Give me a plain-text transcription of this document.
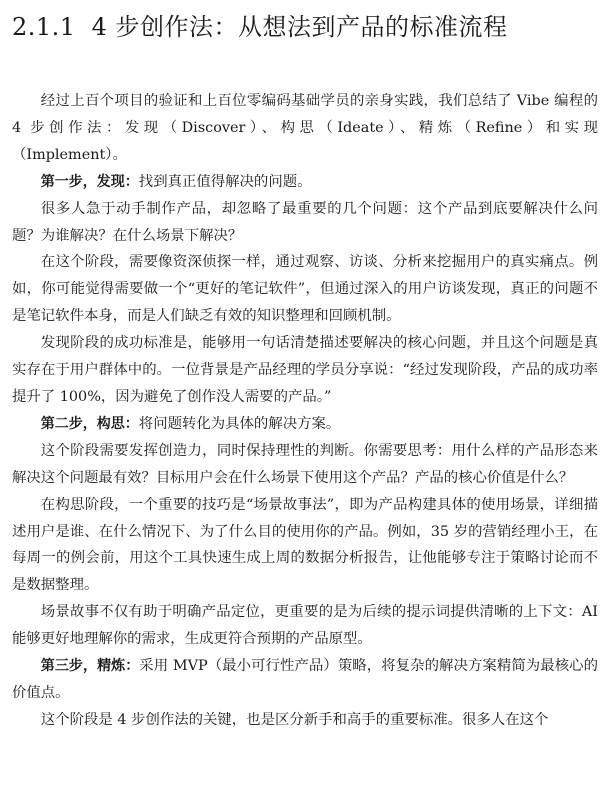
2.1.1 4 步创作法：从想法到产品的标准流程

经过上百个项目的验证和上百位零编码基础学员的亲身实践，我们总结了 Vibe 编程的 4 步创作法：发现（Discover）、构思（Ideate）、精炼（Refine）和实现（Implement）。

第一步，发现：找到真正值得解决的问题。

很多人急于动手制作产品，却忽略了最重要的几个问题：这个产品到底要解决什么问题？为谁解决？在什么场景下解决？

在这个阶段，需要像资深侦探一样，通过观察、访谈、分析来挖掘用户的真实痛点。例如，你可能觉得需要做一个“更好的笔记软件”，但通过深入的用户访谈发现，真正的问题不是笔记软件本身，而是人们缺乏有效的知识整理和回顾机制。

发现阶段的成功标准是，能够用一句话清楚描述要解决的核心问题，并且这个问题是真实存在于用户群体中的。一位背景是产品经理的学员分享说：“经过发现阶段，产品的成功率提升了 100%，因为避免了创作没人需要的产品。”

第二步，构思：将问题转化为具体的解决方案。

这个阶段需要发挥创造力，同时保持理性的判断。你需要思考：用什么样的产品形态来解决这个问题最有效？目标用户会在什么场景下使用这个产品？产品的核心价值是什么？

在构思阶段，一个重要的技巧是“场景故事法”，即为产品构建具体的使用场景，详细描述用户是谁、在什么情况下、为了什么目的使用你的产品。例如，35 岁的营销经理小王，在每周一的例会前，用这个工具快速生成上周的数据分析报告，让他能够专注于策略讨论而不是数据整理。

场景故事不仅有助于明确产品定位，更重要的是为后续的提示词提供清晰的上下文：AI 能够更好地理解你的需求，生成更符合预期的产品原型。

第三步，精炼：采用 MVP（最小可行性产品）策略，将复杂的解决方案精简为最核心的价值点。

这个阶段是 4 步创作法的关键，也是区分新手和高手的重要标准。很多人在这个
